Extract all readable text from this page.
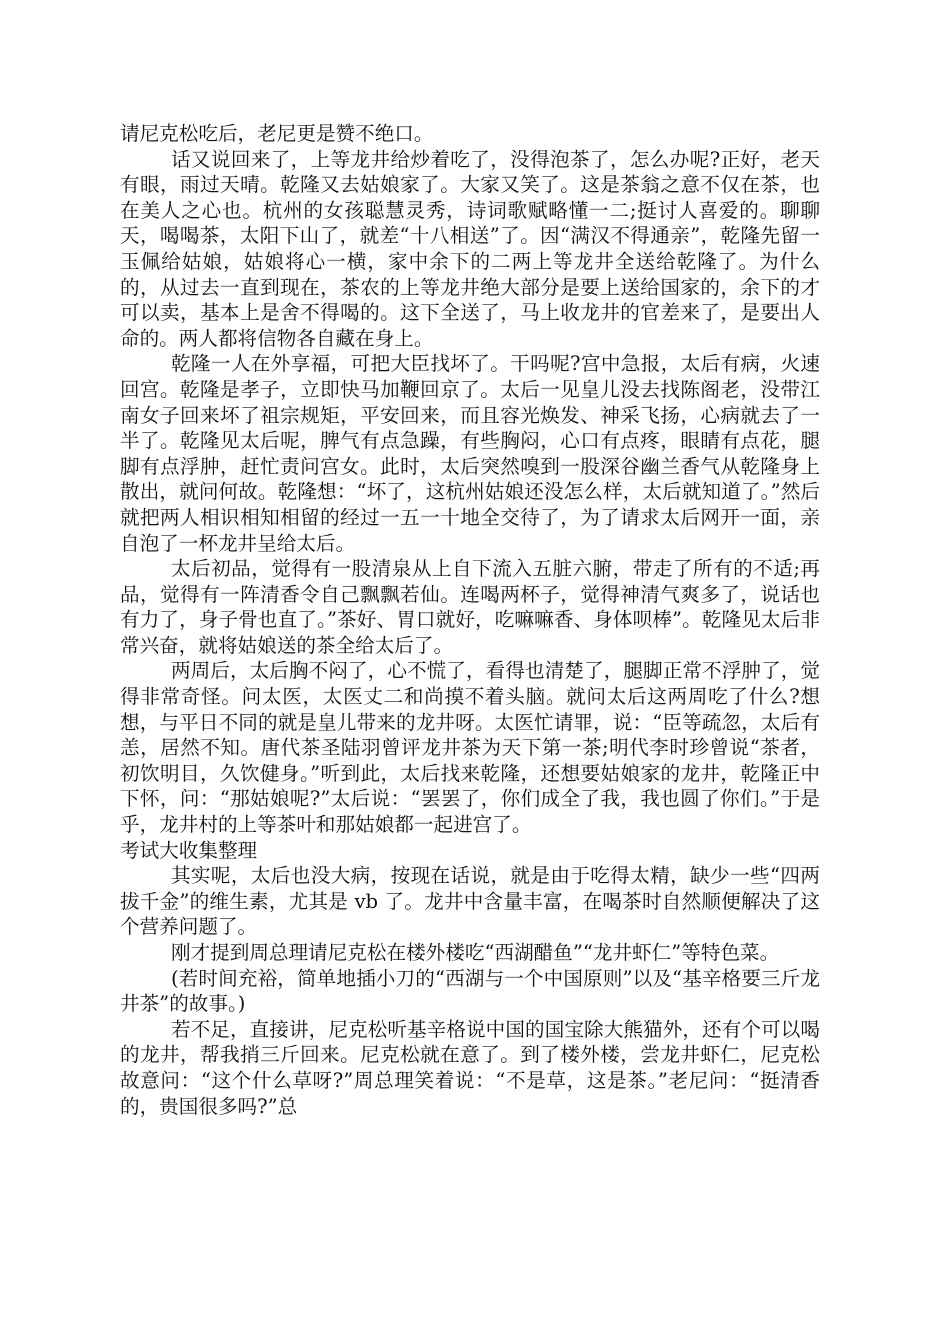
请尼克松吃后，老尼更是赞不绝口。

话又说回来了，上等龙井给炒着吃了，没得泡茶了，怎么办呢?正好，老天有眼，雨过天晴。乾隆又去姑娘家了。大家又笑了。这是茶翁之意不仅在茶，也在美人之心也。杭州的女孩聪慧灵秀，诗词歌赋略懂一二;挺讨人喜爱的。聊聊天，喝喝茶，太阳下山了，就差“十八相送”了。因“满汉不得通亲”，乾隆先留一玉佩给姑娘，姑娘将心一横，家中余下的二两上等龙井全送给乾隆了。为什么的，从过去一直到现在，茶农的上等龙井绝大部分是要上送给国家的，余下的才可以卖，基本上是舍不得喝的。这下全送了，马上收龙井的官差来了，是要出人命的。两人都将信物各自藏在身上。

乾隆一人在外享福，可把大臣找坏了。干吗呢?宫中急报，太后有病，火速回宫。乾隆是孝子，立即快马加鞭回京了。太后一见皇儿没去找陈阁老，没带江南女子回来坏了祖宗规矩，平安回来，而且容光焕发、神采飞扬，心病就去了一半了。乾隆见太后呢，脾气有点急躁，有些胸闷，心口有点疼，眼睛有点花，腿脚有点浮肿，赶忙责问宫女。此时，太后突然嗅到一股深谷幽兰香气从乾隆身上散出，就问何故。乾隆想：“坏了，这杭州姑娘还没怎么样，太后就知道了。”然后就把两人相识相知相留的经过一五一十地全交待了，为了请求太后网开一面，亲自泡了一杯龙井呈给太后。

太后初品，觉得有一股清泉从上自下流入五脏六腑，带走了所有的不适;再品，觉得有一阵清香令自己飘飘若仙。连喝两杯子，觉得神清气爽多了，说话也有力了，身子骨也直了。”茶好、胃口就好，吃嘛嘛香、身体呗棒”。乾隆见太后非常兴奋，就将姑娘送的茶全给太后了。

两周后，太后胸不闷了，心不慌了，看得也清楚了，腿脚正常不浮肿了，觉得非常奇怪。问太医，太医丈二和尚摸不着头脑。就问太后这两周吃了什么?想想，与平日不同的就是皇儿带来的龙井呀。太医忙请罪，说：“臣等疏忽，太后有恙，居然不知。唐代茶圣陆羽曾评龙井茶为天下第一茶;明代李时珍曾说“茶者，初饮明目，久饮健身。”听到此，太后找来乾隆，还想要姑娘家的龙井，乾隆正中下怀，问：“那姑娘呢?”太后说：“罢罢了，你们成全了我，我也圆了你们。”于是乎，龙井村的上等茶叶和那姑娘都一起进宫了。

考试大收集整理

其实呢，太后也没大病，按现在话说，就是由于吃得太精，缺少一些“四两拔千金”的维生素，尤其是 vb 了。龙井中含量丰富，在喝茶时自然顺便解决了这个营养问题了。

刚才提到周总理请尼克松在楼外楼吃“西湖醋鱼”“龙井虾仁”等特色菜。

(若时间充裕，简单地插小刀的“西湖与一个中国原则”以及“基辛格要三斤龙井茶”的故事。)

若不足，直接讲，尼克松听基辛格说中国的国宝除大熊猫外，还有个可以喝的龙井，帮我捎三斤回来。尼克松就在意了。到了楼外楼，尝龙井虾仁，尼克松故意问：“这个什么草呀?”周总理笑着说：“不是草，这是茶。”老尼问：“挺清香的，贵国很多吗?”总
